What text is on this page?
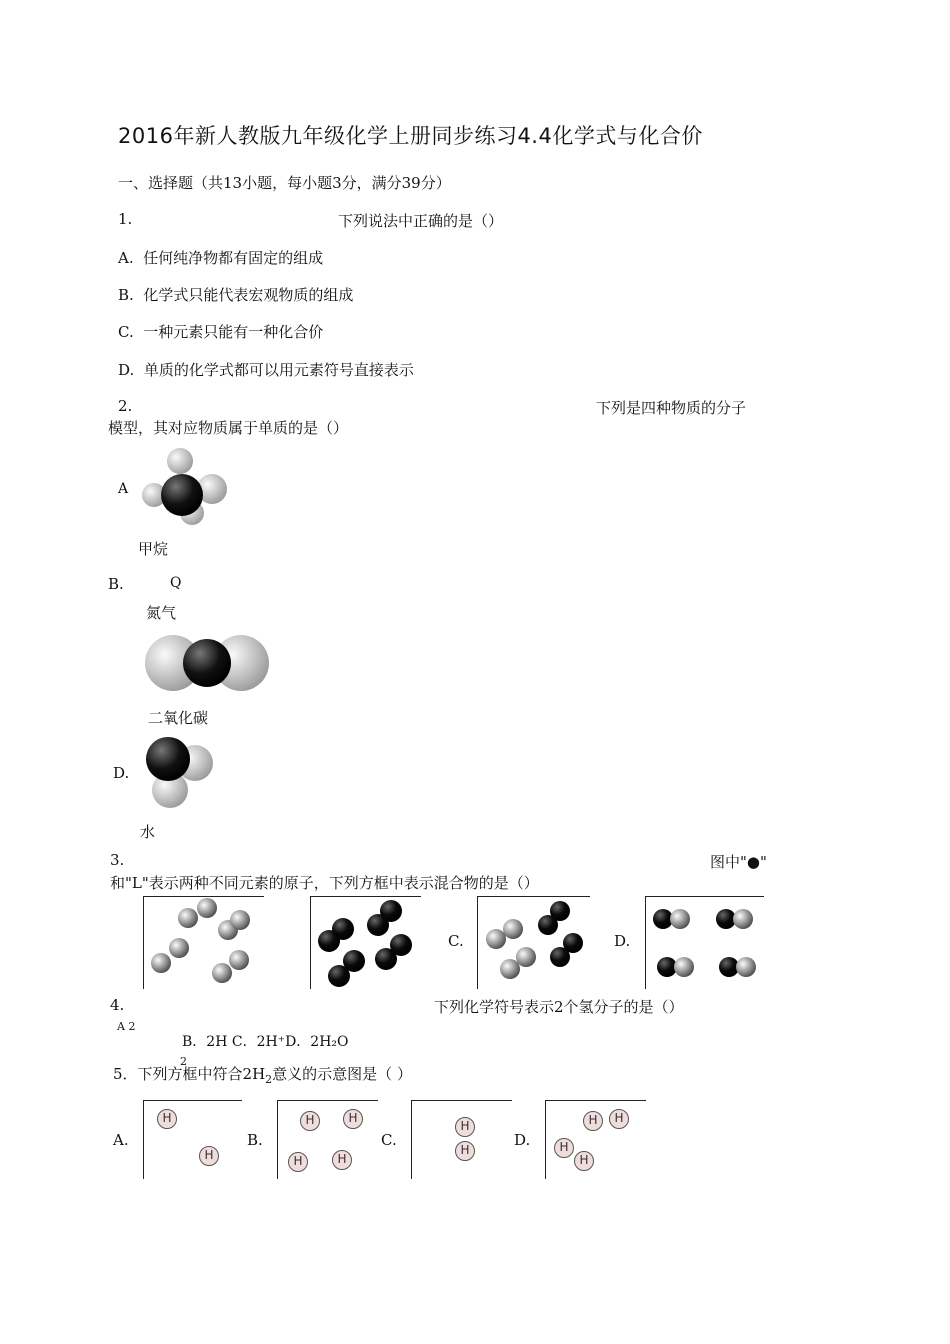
2016年新人教版九年级化学上册同步练习4.4化学式与化合价
一、选择题（共13小题，每小题3分，满分39分）
1.	下列说法中正确的是（）
A. 任何纯净物都有固定的组成
B. 化学式只能代表宏观物质的组成
C. 一种元素只能有一种化合价
D. 单质的化学式都可以用元素符号直接表示
2.	下列是四种物质的分子
模型，其对应物质属于单质的是（）
A
甲烷
B.	Q
氮气
二氧化碳
D.
水
3.	图中"●"
和"L"表示两种不同元素的原子，下列方框中表示混合物的是（）
C.	D.
4.	下列化学符号表示2个氢分子的是（）
A 2
B．2H C．2H⁺D．2H₂O
5．下列方框中符合$2H_2$意义的示意图是（ ）
2
A.
H
H
B.
H	H
H	H
C.
H
H
D.
H	H
H
H
